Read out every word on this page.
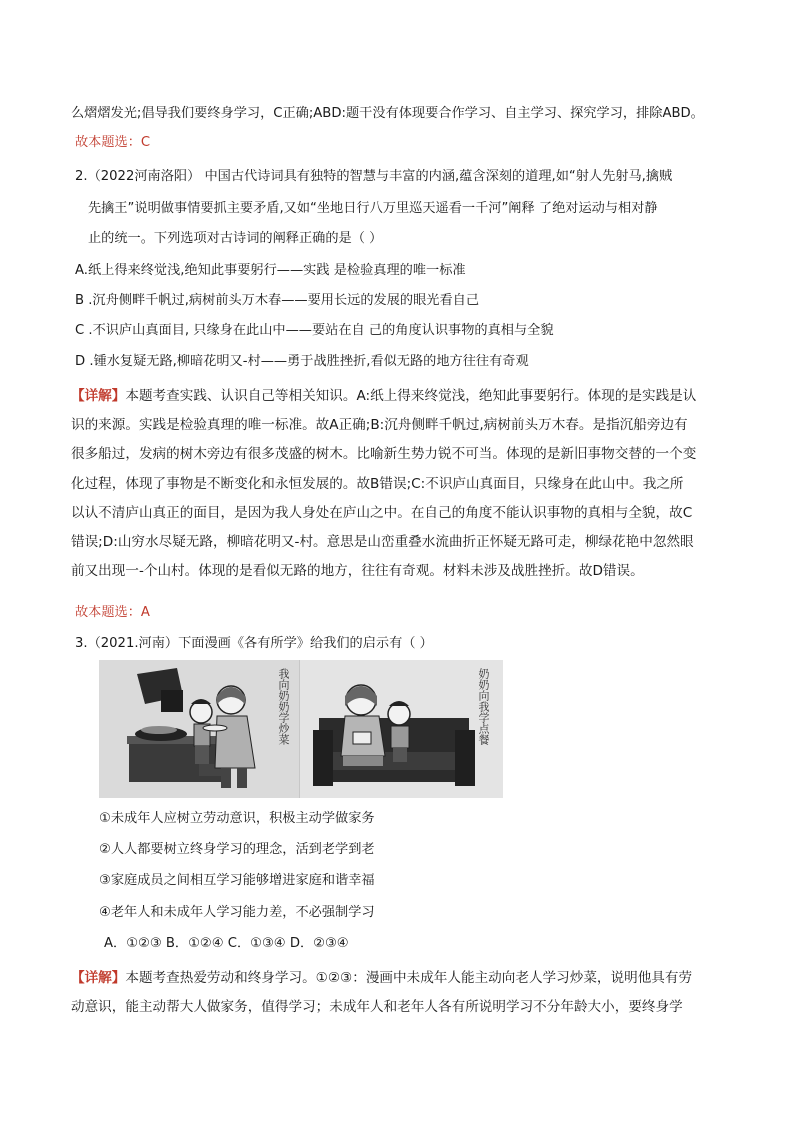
么熠熠发光;倡导我们要终身学习，C正确;ABD:题干没有体现要合作学习、自主学习、探究学习，排除ABD。
故本题选：C
2.（2022河南洛阳） 中国古代诗词具有独特的智慧与丰富的内涵,蕴含深刻的道理,如“射人先射马,擒贼
先擒王”说明做事情要抓主要矛盾,又如“坐地日行八万里巡天遥看一千河”阐释 了绝对运动与相对静
止的统一。下列选项对古诗词的阐释正确的是（ ）
A.纸上得来终觉浅,绝知此事要躬行——实践 是检验真理的唯一标准
B .沉舟侧畔千帆过,病树前头万木春——要用长远的发展的眼光看自己
C .不识庐山真面目, 只缘身在此山中——要站在自 己的角度认识事物的真相与全貌
D .锺水复疑无路,柳暗花明又-村——勇于战胜挫折,看似无路的地方往往有奇观
【详解】本题考查实践、认识自己等相关知识。A:纸上得来终觉浅，绝知此事要躬行。体现的是实践是认
识的来源。实践是检验真理的唯一标准。故A正确;B:沉舟侧畔千帆过,病树前头万木春。是指沉船旁边有
很多船过，发病的树木旁边有很多茂盛的树木。比喻新生势力锐不可当。体现的是新旧事物交替的一个变
化过程，体现了事物是不断变化和永恒发展的。故B错误;C:不识庐山真面目，只缘身在此山中。我之所
以认不清庐山真正的面目，是因为我人身处在庐山之中。在自己的角度不能认识事物的真相与全貌，故C
错误;D:山穷水尽疑无路，柳暗花明又-村。意思是山峦重叠水流曲折正怀疑无路可走，柳绿花艳中忽然眼
前又出现一-个山村。体现的是看似无路的地方，往往有奇观。材料未涉及战胜挫折。故D错误。
故本题选：A
3.（2021.河南）下面漫画《各有所学》给我们的启示有（ ）
我向奶奶学炒菜	奶奶向我学点餐
①未成年人应树立劳动意识，积极主动学做家务
②人人都要树立终身学习的理念，活到老学到老
③家庭成员之间相互学习能够增进家庭和谐幸福
④老年人和未成年人学习能力差，不必强制学习
A．①②③ B．①②④ C．①③④ D．②③④
【详解】本题考查热爱劳动和终身学习。①②③：漫画中未成年人能主动向老人学习炒菜，说明他具有劳
动意识，能主动帮大人做家务，值得学习；未成年人和老年人各有所说明学习不分年龄大小，要终身学
